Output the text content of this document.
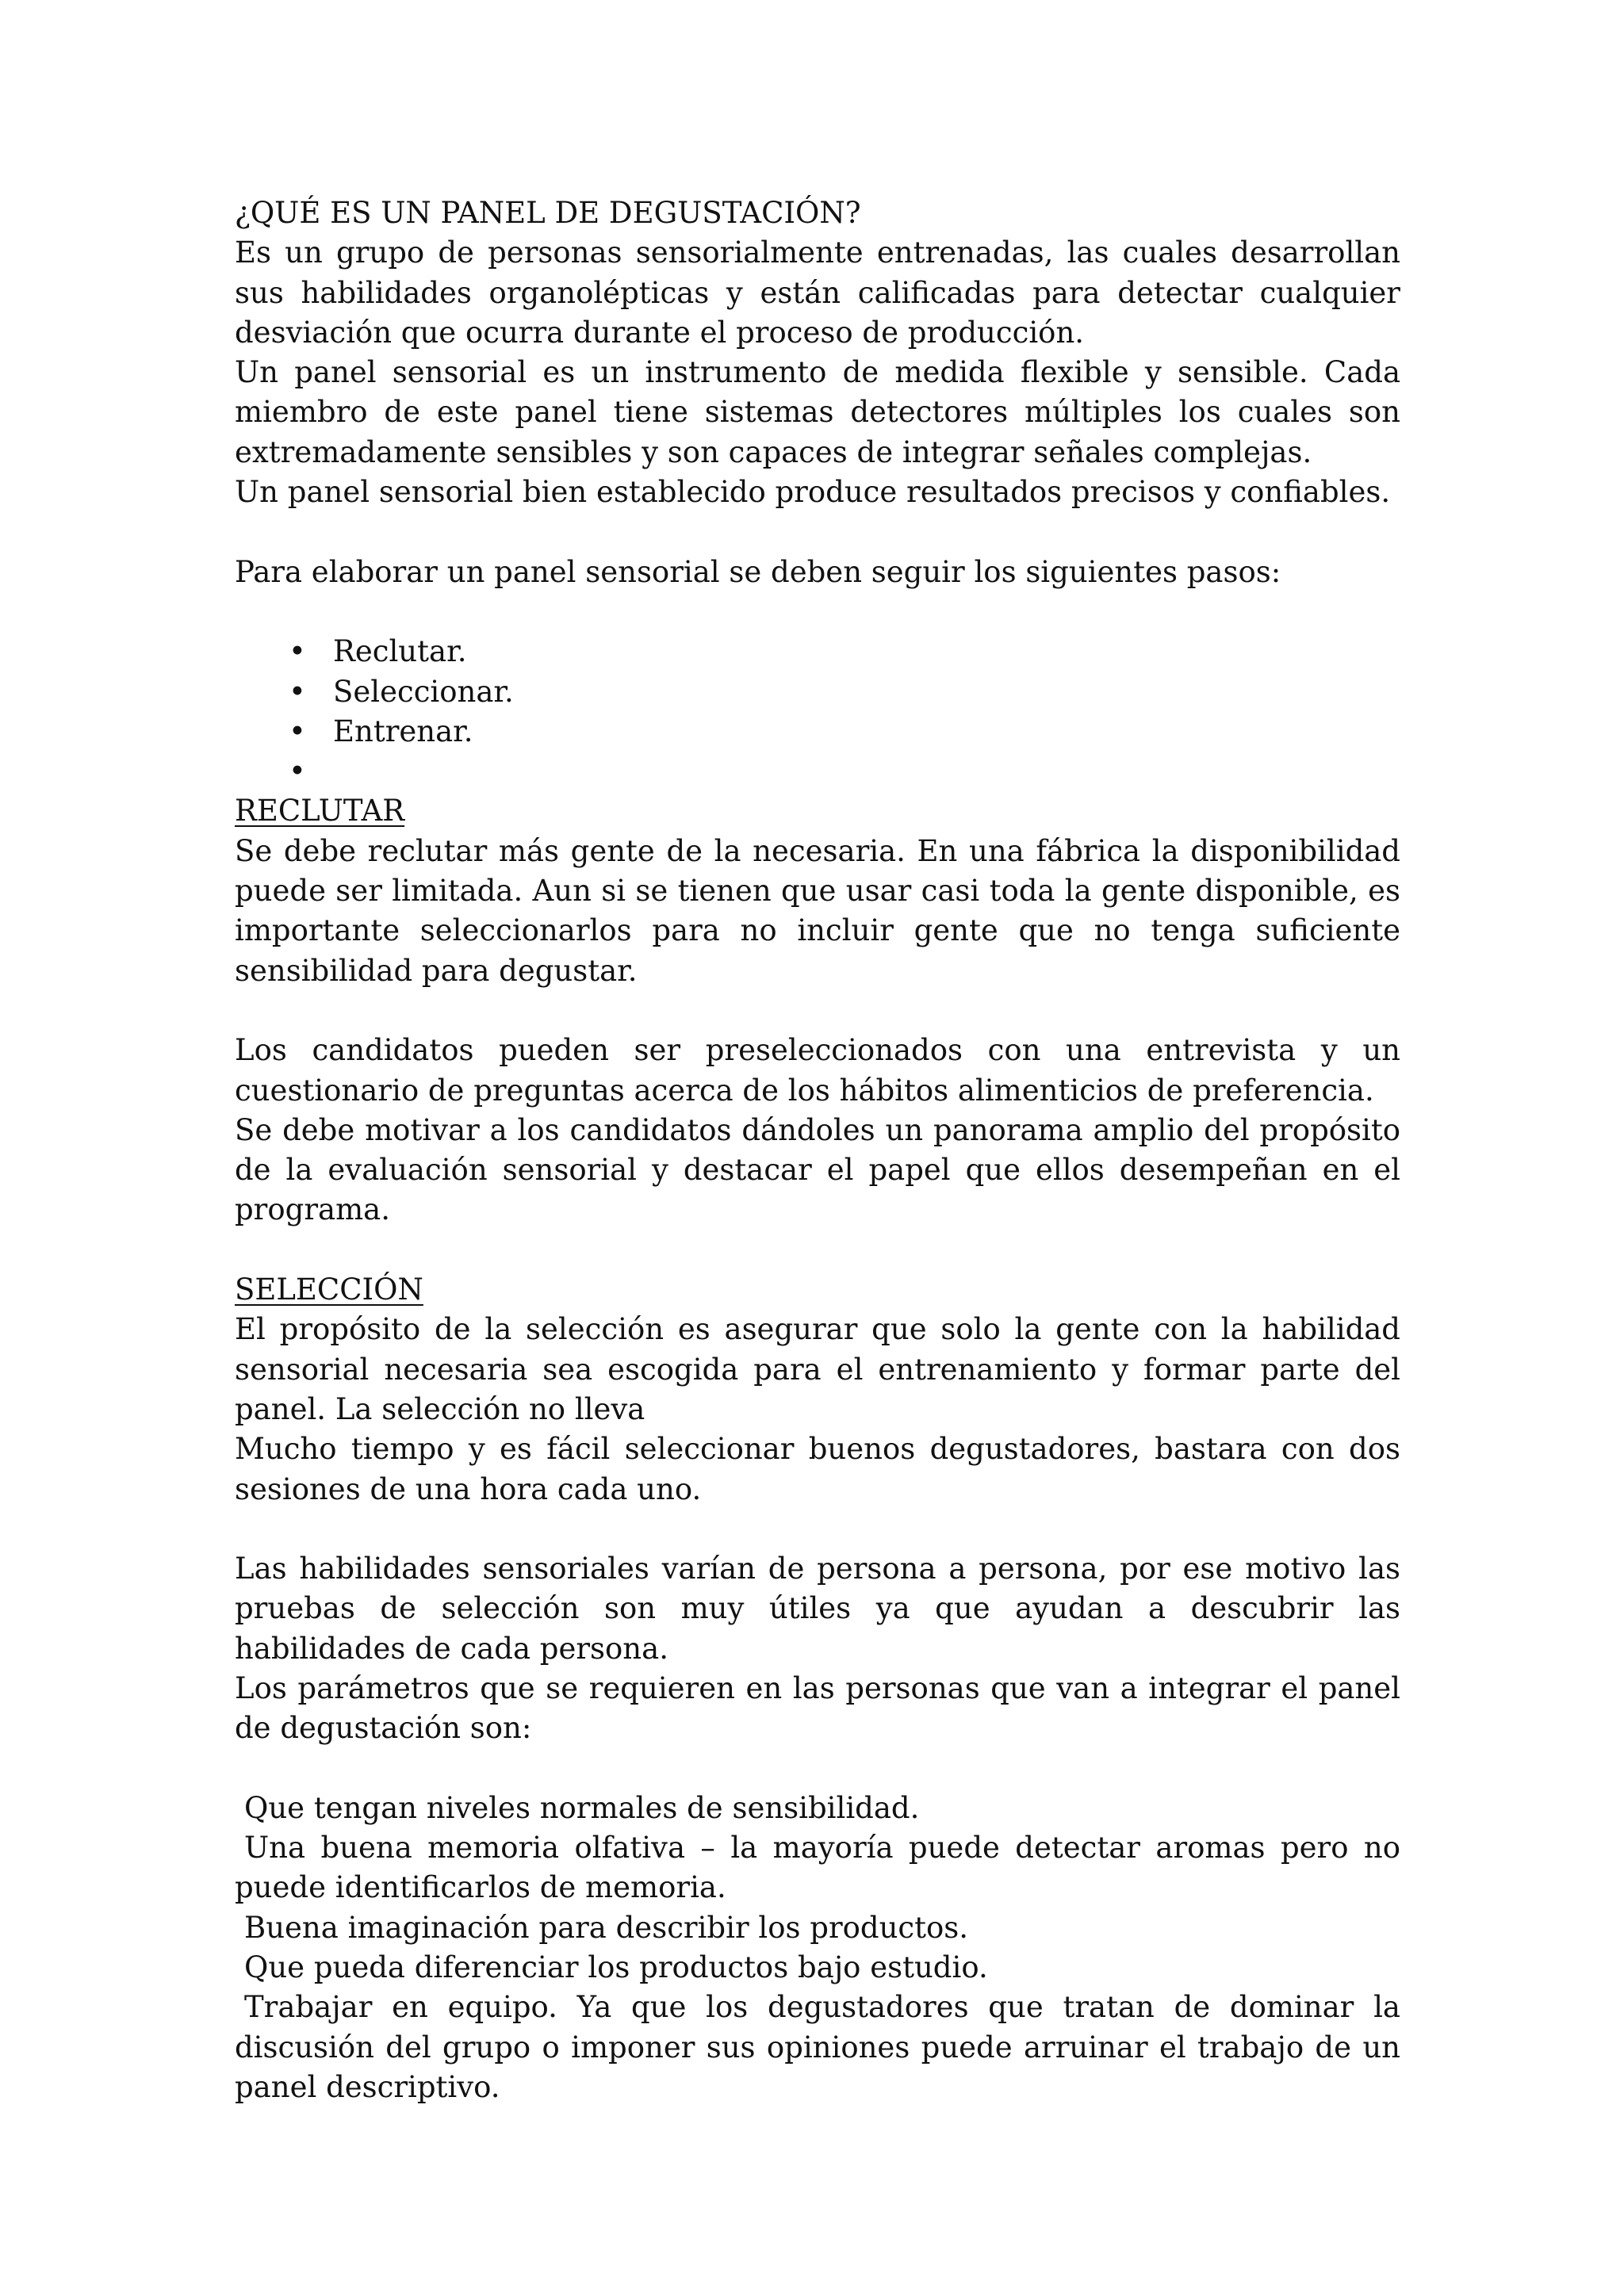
¿QUÉ ES UN PANEL DE DEGUSTACIÓN?

Es un grupo de personas sensorialmente entrenadas, las cuales desarrollan sus habilidades organolépticas y están calificadas para detectar cualquier desviación que ocurra durante el proceso de producción.

Un panel sensorial es un instrumento de medida flexible y sensible. Cada miembro de este panel tiene sistemas detectores múltiples los cuales son extremadamente sensibles y son capaces de integrar señales complejas.

Un panel sensorial bien establecido produce resultados precisos y confiables.

Para elaborar un panel sensorial se deben seguir los siguientes pasos:

• Reclutar.
• Seleccionar.
• Entrenar.
•
RECLUTAR

Se debe reclutar más gente de la necesaria. En una fábrica la disponibilidad puede ser limitada. Aun si se tienen que usar casi toda la gente disponible, es importante seleccionarlos para no incluir gente que no tenga suficiente sensibilidad para degustar.

Los candidatos pueden ser preseleccionados con una entrevista y un cuestionario de preguntas acerca de los hábitos alimenticios de preferencia.

Se debe motivar a los candidatos dándoles un panorama amplio del propósito de la evaluación sensorial y destacar el papel que ellos desempeñan en el programa.

SELECCIÓN

El propósito de la selección es asegurar que solo la gente con la habilidad sensorial necesaria sea escogida para el entrenamiento y formar parte del panel. La selección no lleva

Mucho tiempo y es fácil seleccionar buenos degustadores, bastara con dos sesiones de una hora cada uno.

Las habilidades sensoriales varían de persona a persona, por ese motivo las pruebas de selección son muy útiles ya que ayudan a descubrir las habilidades de cada persona.

Los parámetros que se requieren en las personas que van a integrar el panel de degustación son:

Que tengan niveles normales de sensibilidad.

Una buena memoria olfativa – la mayoría puede detectar aromas pero no puede identificarlos de memoria.

Buena imaginación para describir los productos.

Que pueda diferenciar los productos bajo estudio.

Trabajar en equipo. Ya que los degustadores que tratan de dominar la discusión del grupo o imponer sus opiniones puede arruinar el trabajo de un panel descriptivo.
